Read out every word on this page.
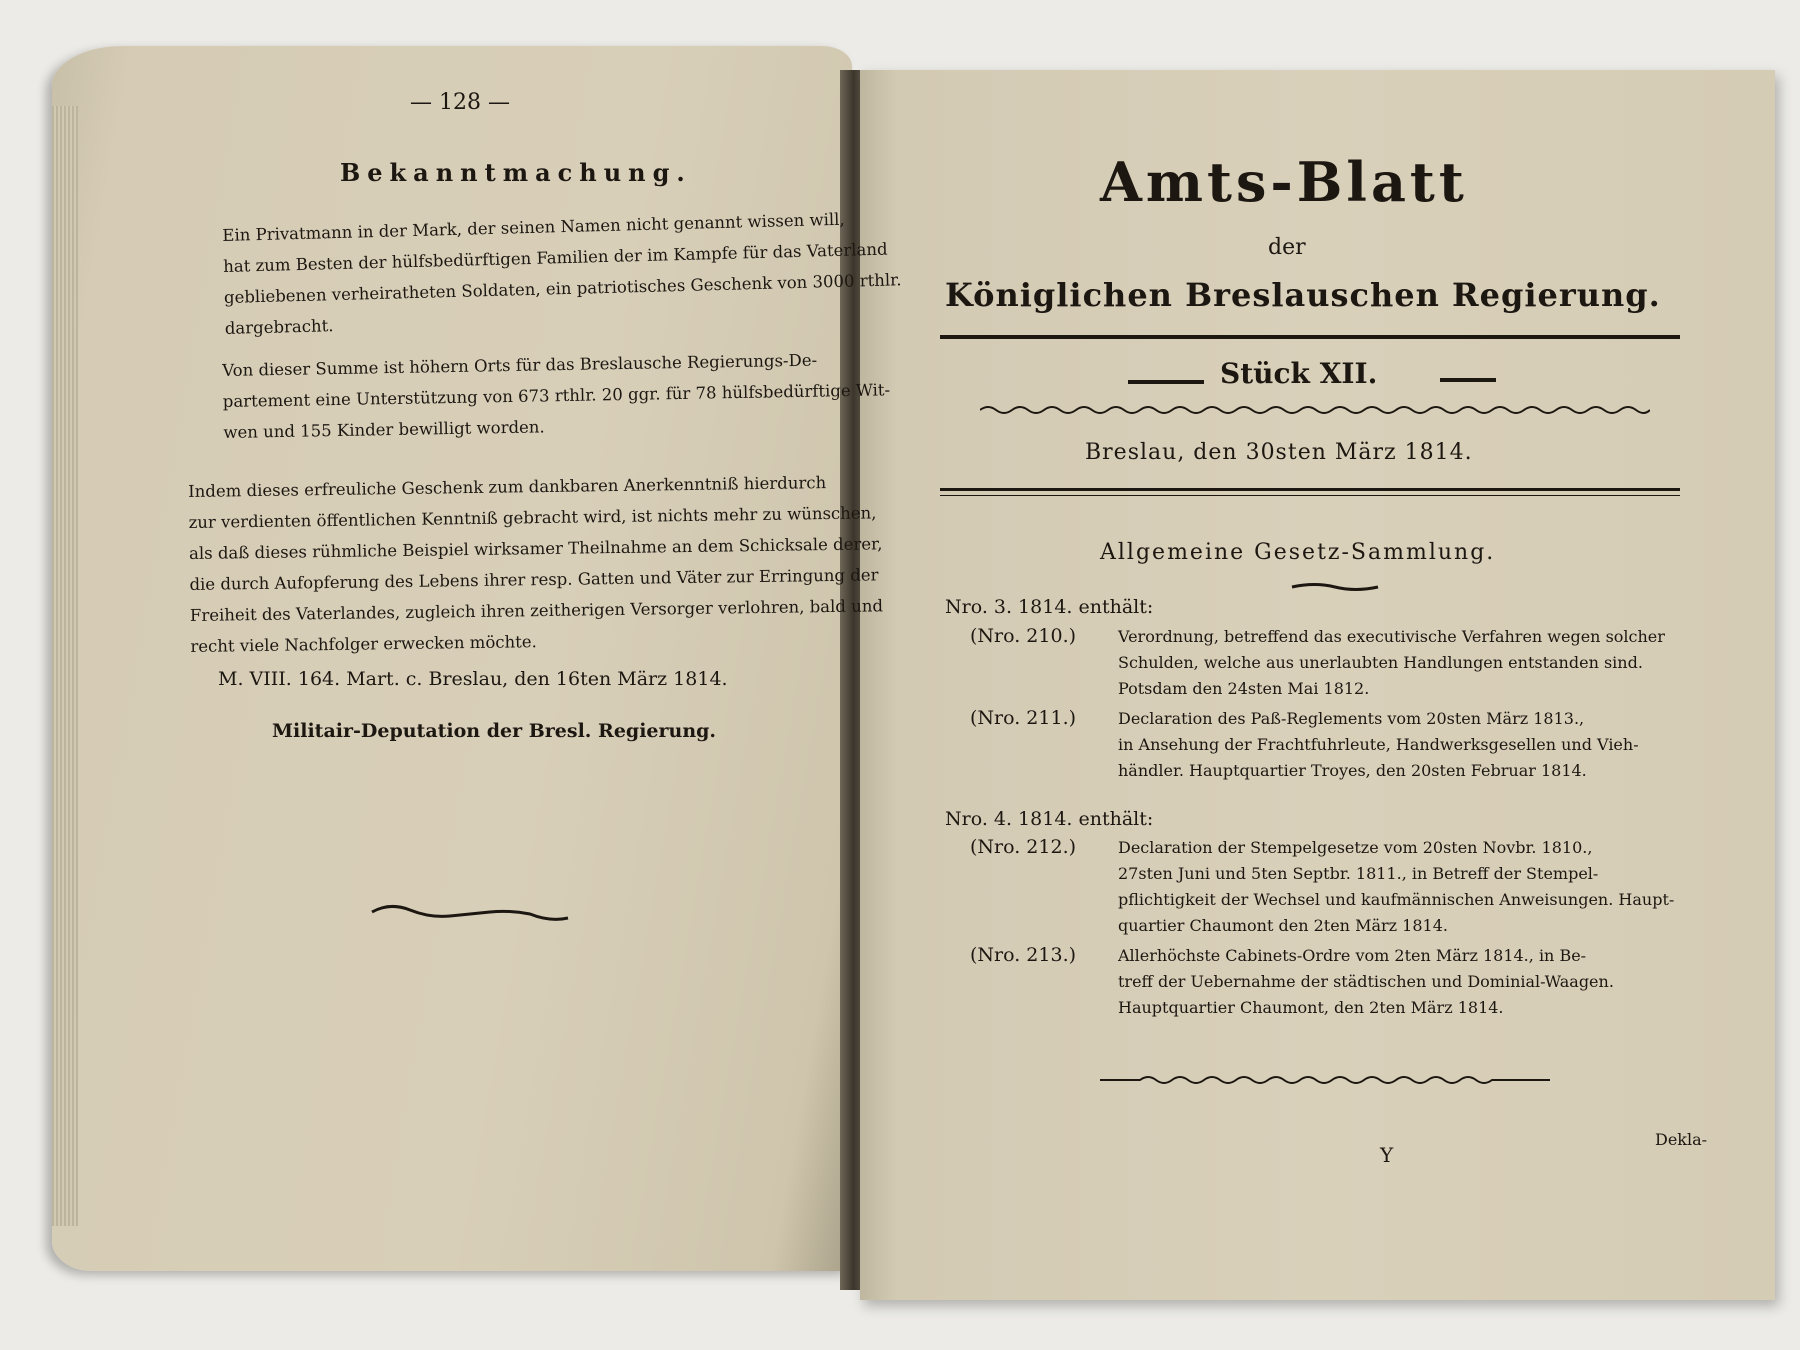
— 128 —
Bekanntmachung.
Ein Privatmann in der Mark, der seinen Namen nicht genannt wissen will,
hat zum Besten der hülfsbedürftigen Familien der im Kampfe für das Vaterland
gebliebenen verheiratheten Soldaten, ein patriotisches Geschenk von 3000 rthlr.
dargebracht.
Von dieser Summe ist höhern Orts für das Breslausche Regierungs-De-
partement eine Unterstützung von 673 rthlr. 20 ggr. für 78 hülfsbedürftige Wit-
wen und 155 Kinder bewilligt worden.
Indem dieses erfreuliche Geschenk zum dankbaren Anerkenntniß hierdurch
zur verdienten öffentlichen Kenntniß gebracht wird, ist nichts mehr zu wünschen,
als daß dieses rühmliche Beispiel wirksamer Theilnahme an dem Schicksale derer,
die durch Aufopferung des Lebens ihrer resp. Gatten und Väter zur Erringung der
Freiheit des Vaterlandes, zugleich ihren zeitherigen Versorger verlohren, bald und
recht viele Nachfolger erwecken möchte.
M. VIII. 164. Mart. c. Breslau, den 16ten März 1814.
Militair-Deputation der Bresl. Regierung.
Amts-Blatt
der
Königlichen Breslauschen Regierung.
Stück XII.
Breslau, den 30sten März 1814.
Allgemeine Gesetz-Sammlung.
Nro. 3. 1814. enthält:
(Nro. 210.)	Verordnung, betreffend das executivische Verfahren wegen solcher
Schulden, welche aus unerlaubten Handlungen entstanden sind.
Potsdam den 24sten Mai 1812.
(Nro. 211.)	Declaration des Paß-Reglements vom 20sten März 1813.,
in Ansehung der Frachtfuhrleute, Handwerksgesellen und Vieh-
händler. Hauptquartier Troyes, den 20sten Februar 1814.
Nro. 4. 1814. enthält:
(Nro. 212.)	Declaration der Stempelgesetze vom 20sten Novbr. 1810.,
27sten Juni und 5ten Septbr. 1811., in Betreff der Stempel-
pflichtigkeit der Wechsel und kaufmännischen Anweisungen. Haupt-
quartier Chaumont den 2ten März 1814.
(Nro. 213.)	Allerhöchste Cabinets-Ordre vom 2ten März 1814., in Be-
treff der Uebernahme der städtischen und Dominial-Waagen.
Hauptquartier Chaumont, den 2ten März 1814.
Y
Dekla-
